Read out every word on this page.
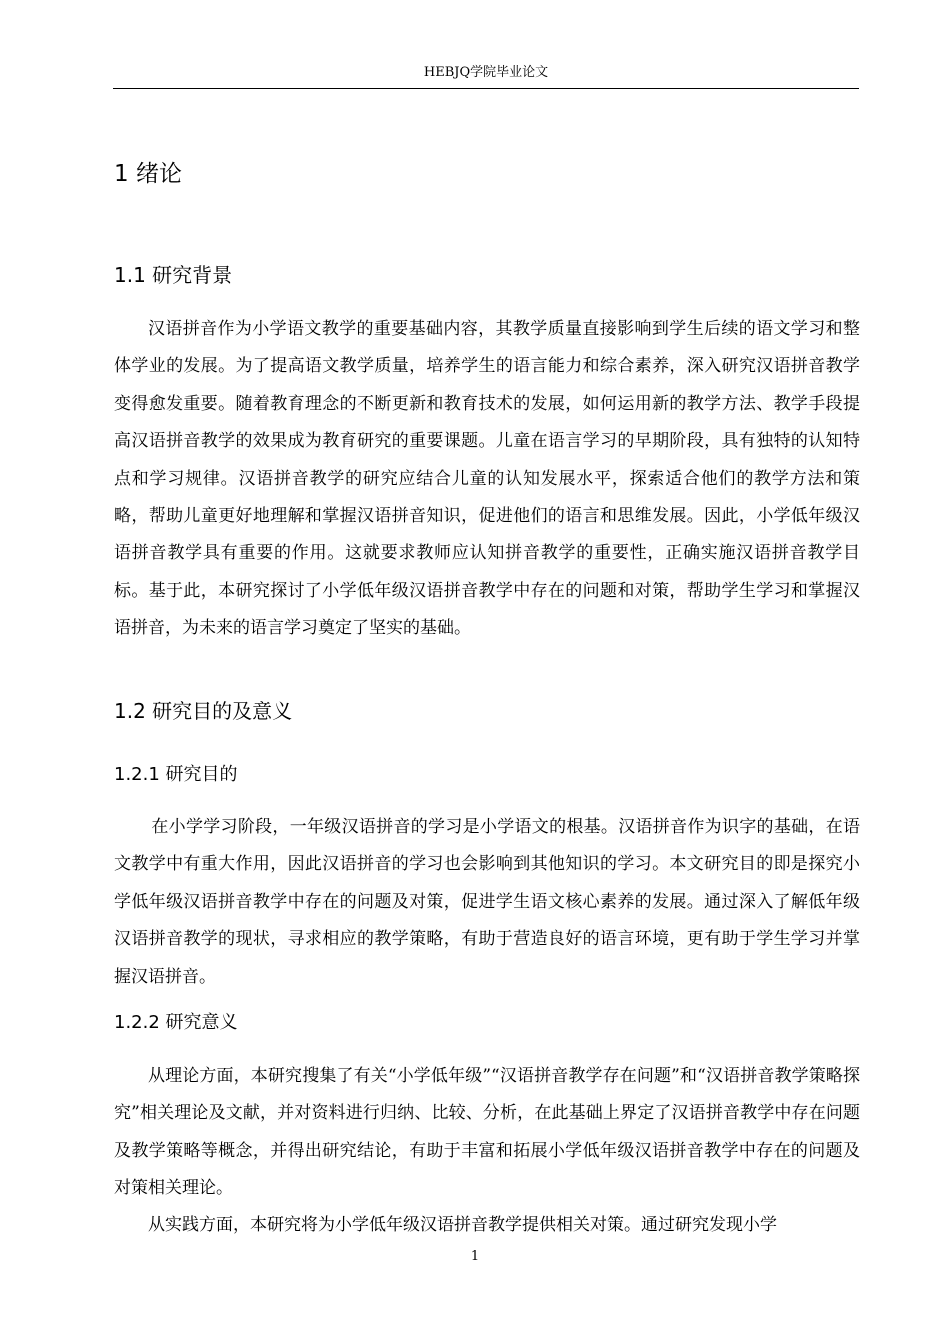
HEBJQ学院毕业论文
1 绪论
1.1 研究背景

汉语拼音作为小学语文教学的重要基础内容，其教学质量直接影响到学生后续的语文学习和整体学业的发展。为了提高语文教学质量，培养学生的语言能力和综合素养，深入研究汉语拼音教学变得愈发重要。随着教育理念的不断更新和教育技术的发展，如何运用新的教学方法、教学手段提高汉语拼音教学的效果成为教育研究的重要课题。儿童在语言学习的早期阶段，具有独特的认知特点和学习规律。汉语拼音教学的研究应结合儿童的认知发展水平，探索适合他们的教学方法和策略，帮助儿童更好地理解和掌握汉语拼音知识，促进他们的语言和思维发展。因此，小学低年级汉语拼音教学具有重要的作用。这就要求教师应认知拼音教学的重要性，正确实施汉语拼音教学目标。基于此，本研究探讨了小学低年级汉语拼音教学中存在的问题和对策，帮助学生学习和掌握汉语拼音，为未来的语言学习奠定了坚实的基础。

1.2 研究目的及意义
1.2.1 研究目的

在小学学习阶段，一年级汉语拼音的学习是小学语文的根基。汉语拼音作为识字的基础，在语文教学中有重大作用，因此汉语拼音的学习也会影响到其他知识的学习。本文研究目的即是探究小学低年级汉语拼音教学中存在的问题及对策，促进学生语文核心素养的发展。通过深入了解低年级汉语拼音教学的现状，寻求相应的教学策略，有助于营造良好的语言环境，更有助于学生学习并掌握汉语拼音。

1.2.2 研究意义

从理论方面，本研究搜集了有关“小学低年级”“汉语拼音教学存在问题”和“汉语拼音教学策略探究”相关理论及文献，并对资料进行归纳、比较、分析，在此基础上界定了汉语拼音教学中存在问题及教学策略等概念，并得出研究结论，有助于丰富和拓展小学低年级汉语拼音教学中存在的问题及对策相关理论。

从实践方面，本研究将为小学低年级汉语拼音教学提供相关对策。通过研究发现小学

1
